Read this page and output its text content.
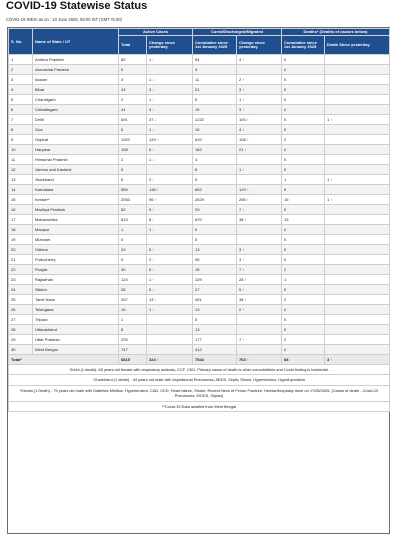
COVID-19 Statewise Status
COVID-19 INDIA as on : 10 June 2025, 08:00 IST (GMT+5:30)
S. No.	Name of State / UT	Active Cases		Cured/Discharged/Migrated		Deaths* (Deaths of causes below)	
		Total	Change since yesterday	Cumulative since 1st January 2025	Change since yesterday	Cumulative since 1st January 2025	Death Since yesterday
1	Andhra Pradesh	82	1 ↑	54	4 ↑	0	

2	Arunachal Pradesh	0		3		0	

3	Assam	3	1 ↓	11	2 ↑	0	

4	Bihar	43	3 ↓	21	3 ↑	0	

5	Chandigarh	2	1 ↓	5	1 ↑	0	

6	Chhattisgarh	41	3 ↑	19	3 ↑	0	

7	Delhi	691	37 ↓	1222	104 ↑	0	1 ↑

8	Goa	5	1 ↓	15	4 ↑	0	

9	Gujarat	1109	129 ↑	610	108 ↑	2	

10	Haryana	108	6 ↑	182	21 ↑	0	

11	Himachal Pradesh	2	1 ↓	4		0	

12	Jammu and Kashmir	9		8	1 ↑	0	

13	Jharkhand	6	2 ↑	9		1	1 ↑

14	Karnataka	559	136 ↑	652	129 ↑	9	

15	Kerala**	2053	96 ↑	2629	255 ↑	15	1 ↑

16	Madhya Pradesh	52	9 ↑	29	7 ↑	0	

17	Maharashtra	613	8 ↑	870	38 ↑	13	

18	Manipur	1	1 ↓	0		0	

19	Mizoram	0		0		0	

20	Odisha	29	5 ↑	13	3 ↑	0	

21	Puducherry	9	2 ↓	95	3 ↑	0	

22	Punjab	30	5 ↑	15	7 ↑	2	

23	Rajasthan	124	1 ↑	129	28 ↑	1	

24	Sikkim	26	5 ↓	27	5 ↑	0	

25	Tamil Nadu	207	13 ↓	451	36 ↑	2	

26	Telangana	10	1 ↑	13	2 ↑	0	

27	Tripura	1		0		0	

28	Uttarakhand	8		13		0	

29	Uttar Pradesh	225		177	7 ↑	2	

30	West Bengal	747		412		0	

Total*		6815	324 ↑	7544	763 ↑	68	3 ↑

*Delhi (1 death)- 65 years old female with respiratory acidosis, CCF, CKD, Primary cause of death is other comorbidities and Covid finding is incidental.							
*Jharkhand (1 death) - 44 years old male with Aspirational Pneumonia, ARDS, Septic Shock, Hypertension, Hypothyroidism							
*Kerala (1 Death) - 79 years old male with Diabetes Mellitus, Hypertension, CAD, CKD, Heart failure, Stroke, Recent Neck of Femur Fracture, Hemiarthroplasty done on 17/05/2025. (Cause of death - Covid-19 Pneumonia, MODS, Sepsis)							
**Covid-19 Data awaited from West Bengal							
